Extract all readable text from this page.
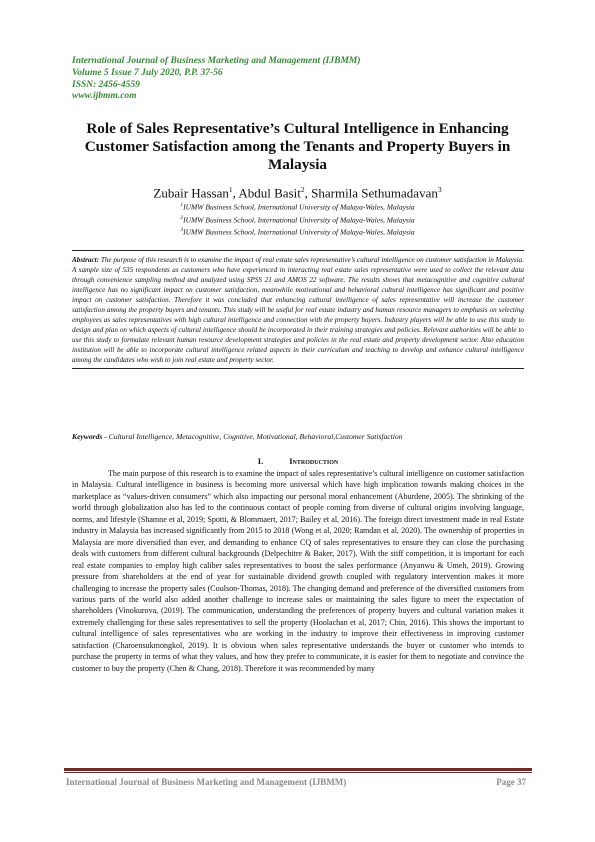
International Journal of Business Marketing and Management (IJBMM)
Volume 5 Issue 7 July 2020, P.P. 37-56
ISSN: 2456-4559
www.ijbmm.com
Role of Sales Representative’s Cultural Intelligence in Enhancing Customer Satisfaction among the Tenants and Property Buyers in Malaysia
Zubair Hassan$^1$, Abdul Basit$^2$, Sharmila Sethumadavan$^3$
$^1$IUMW Business School, International University of Malaya-Wales, Malaysia
$^2$IUMW Business School, International University of Malaya-Wales, Malaysia
$^3$IUMW Business School, International University of Malaya-Wales, Malaysia
Abstract: The purpose of this research is to examine the impact of real estate sales representative’s cultural intelligence on customer satisfaction in Malaysia. A sample size of 535 respondents as customers who have experienced in interacting real estate sales representative were used to collect the relevant data through convenience sampling method and analyzed using SPSS 21 and AMOS 22 software. The results shows that metacognitive and cognitive cultural intelligence has no significant impact on customer satisfaction, meanwhile motivational and behavioral cultural intelligence has significant and positive impact on customer satisfaction. Therefore it was concluded that enhancing cultural intelligence of sales representative will increase the customer satisfaction among the property buyers and tenants. This study will be useful for real estate industry and human resource managers to emphasis on selecting employees as sales representatives with high cultural intelligence and connection with the property buyers. Industry players will be able to use this study to design and plan on which aspects of cultural intelligence should be incorporated in their training strategies and policies. Relevant authorities will be able to use this study to formulate relevant human resource development strategies and policies in the real estate and property development sector. Also education institution will be able to incorporate cultural intelligence related aspects in their curriculum and teaching to develop and enhance cultural intelligence among the candidates who wish to join real estate and property sector.
Keywords - Cultural Intelligence, Metacognitive, Cognitive, Motivational, Behavioral,Customer Satisfaction
I.	Introduction

The main purpose of this research is to examine the impact of sales representative’s cultural intelligence on customer satisfaction in Malaysia. Cultural intelligence in business is becoming more universal which have high implication towards making choices in the marketplace as “values-driven consumers” which also impacting our personal moral enhancement (Aburdene, 2005). The shrinking of the world through globalization also has led to the continuous contact of people coming from diverse of cultural origins involving language, norms, and lifestyle (Shamne et al, 2019; Spotti, & Blommaert, 2017; Bailey et al, 2016). The foreign direct investment made in real Estate industry in Malaysia has increased significantly from 2015 to 2018 (Wong et al, 2020; Ramdan et al, 2020). The ownership of properties in Malaysia are more diversified than ever, and demanding to enhance CQ of sales representatives to ensure they can close the purchasing deals with customers from different cultural backgrounds (Delpechitre & Baker, 2017). With the stiff competition, it is important for each real estate companies to employ high caliber sales representatives to boost the sales performance (Anyanwu & Umeh, 2019). Growing pressure from shareholders at the end of year for sustainable dividend growth coupled with regulatory intervention makes it more challenging to increase the property sales (Coulson-Thomas, 2018). The changing demand and preference of the diversified customers from various parts of the world also added another challenge to increase sales or maintaining the sales figure to meet the expectation of shareholders (Vinokurova, (2019). The communication, understanding the preferences of property buyers and cultural variation makes it extremely challenging for these sales representatives to sell the property (Hoolachan et al, 2017; Chin, 2016). This shows the important to cultural intelligence of sales representatives who are working in the industry to improve their effectiveness in improving customer satisfaction (Charoensukmongkol, 2019). It is obvious when sales representative understands the buyer or customer who intends to purchase the property in terms of what they values, and how they prefer to communicate, it is easier for them to negotiate and convince the customer to buy the property (Chen & Chang, 2018). Therefore it was recommended by many

International Journal of Business Marketing and Management (IJBMM)	Page 37
